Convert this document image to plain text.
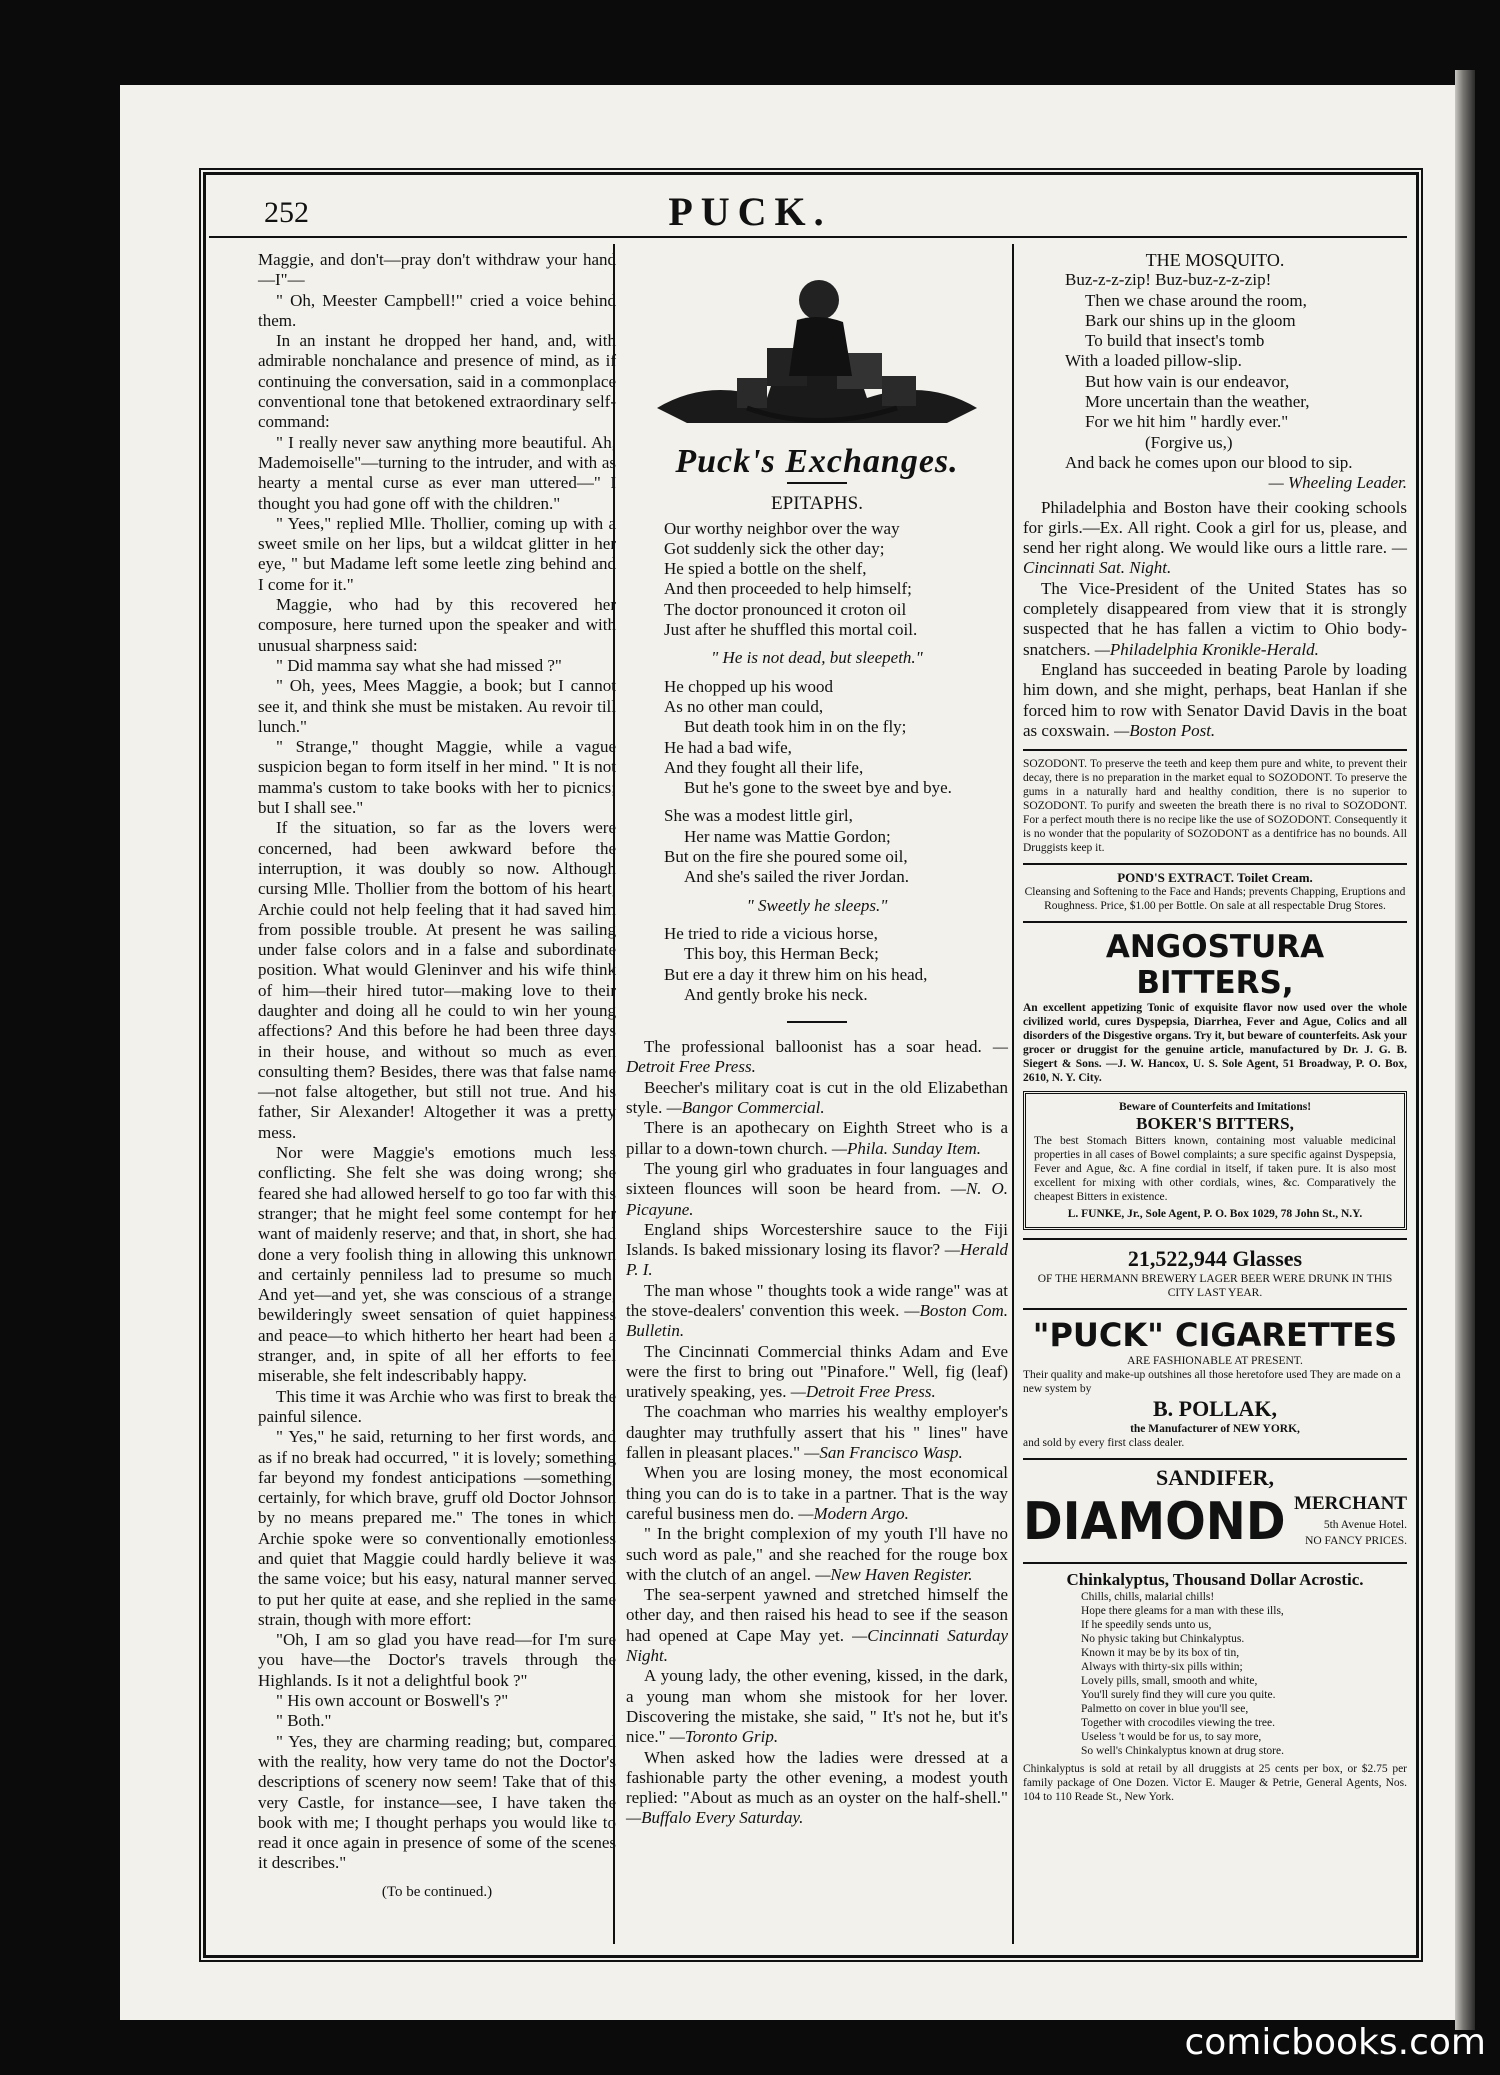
252	PUCK.

Maggie, and don't—pray don't withdraw your hand—I"—

" Oh, Meester Campbell!" cried a voice behind them.

In an instant he dropped her hand, and, with admirable nonchalance and presence of mind, as if continuing the conversation, said in a commonplace conventional tone that betokened extraordinary self-command:

" I really never saw anything more beautiful. Ah, Mademoiselle"—turning to the intruder, and with as hearty a mental curse as ever man uttered—" I thought you had gone off with the children."

" Yees," replied Mlle. Thollier, coming up with a sweet smile on her lips, but a wildcat glitter in her eye, " but Madame left some leetle zing behind and I come for it."

Maggie, who had by this recovered her composure, here turned upon the speaker and with unusual sharpness said:

" Did mamma say what she had missed ?"

" Oh, yees, Mees Maggie, a book; but I cannot see it, and think she must be mistaken. Au revoir till lunch."

" Strange," thought Maggie, while a vague suspicion began to form itself in her mind. " It is not mamma's custom to take books with her to picnics; but I shall see."

If the situation, so far as the lovers were concerned, had been awkward before the interruption, it was doubly so now. Although cursing Mlle. Thollier from the bottom of his heart, Archie could not help feeling that it had saved him from possible trouble. At present he was sailing under false colors and in a false and subordinate position. What would Gleninver and his wife think of him—their hired tutor—making love to their daughter and doing all he could to win her young affections? And this before he had been three days in their house, and without so much as even consulting them? Besides, there was that false name—not false altogether, but still not true. And his father, Sir Alexander! Altogether it was a pretty mess.

Nor were Maggie's emotions much less conflicting. She felt she was doing wrong; she feared she had allowed herself to go too far with this stranger; that he might feel some contempt for her want of maidenly reserve; and that, in short, she had done a very foolish thing in allowing this unknown and certainly penniless lad to presume so much. And yet—and yet, she was conscious of a strange, bewilderingly sweet sensation of quiet happiness and peace—to which hitherto her heart had been a stranger, and, in spite of all her efforts to feel miserable, she felt indescribably happy.

This time it was Archie who was first to break the painful silence.

" Yes," he said, returning to her first words, and as if no break had occurred, " it is lovely; something far beyond my fondest anticipations —something, certainly, for which brave, gruff old Doctor Johnson by no means prepared me." The tones in which Archie spoke were so conventionally emotionless and quiet that Maggie could hardly believe it was the same voice; but his easy, natural manner served to put her quite at ease, and she replied in the same strain, though with more effort:

"Oh, I am so glad you have read—for I'm sure you have—the Doctor's travels through the Highlands. Is it not a delightful book ?"

" His own account or Boswell's ?"

" Both."

" Yes, they are charming reading; but, compared with the reality, how very tame do not the Doctor's descriptions of scenery now seem! Take that of this very Castle, for instance—see, I have taken the book with me; I thought perhaps you would like to read it once again in presence of some of the scenes it describes."

(To be continued.)

Puck's Exchanges.
EPITAPHS.
Our worthy neighbor over the way
Got suddenly sick the other day;
He spied a bottle on the shelf,
And then proceeded to help himself;
The doctor pronounced it croton oil
Just after he shuffled this mortal coil.
" He is not dead, but sleepeth."
He chopped up his wood
As no other man could,
But death took him in on the fly;
He had a bad wife,
And they fought all their life,
But he's gone to the sweet bye and bye.
She was a modest little girl,
Her name was Mattie Gordon;
But on the fire she poured some oil,
And she's sailed the river Jordan.
" Sweetly he sleeps."
He tried to ride a vicious horse,
This boy, this Herman Beck;
But ere a day it threw him on his head,
And gently broke his neck.

The professional balloonist has a soar head. —Detroit Free Press.

Beecher's military coat is cut in the old Elizabethan style. —Bangor Commercial.

There is an apothecary on Eighth Street who is a pillar to a down-town church. —Phila. Sunday Item.

The young girl who graduates in four languages and sixteen flounces will soon be heard from. —N. O. Picayune.

England ships Worcestershire sauce to the Fiji Islands. Is baked missionary losing its flavor? —Herald P. I.

The man whose " thoughts took a wide range" was at the stove-dealers' convention this week. —Boston Com. Bulletin.

The Cincinnati Commercial thinks Adam and Eve were the first to bring out "Pinafore." Well, fig (leaf) uratively speaking, yes. —Detroit Free Press.

The coachman who marries his wealthy employer's daughter may truthfully assert that his " lines" have fallen in pleasant places." —San Francisco Wasp.

When you are losing money, the most economical thing you can do is to take in a partner. That is the way careful business men do. —Modern Argo.

" In the bright complexion of my youth I'll have no such word as pale," and she reached for the rouge box with the clutch of an angel. —New Haven Register.

The sea-serpent yawned and stretched himself the other day, and then raised his head to see if the season had opened at Cape May yet. —Cincinnati Saturday Night.

A young lady, the other evening, kissed, in the dark, a young man whom she mistook for her lover. Discovering the mistake, she said, " It's not he, but it's nice." —Toronto Grip.

When asked how the ladies were dressed at a fashionable party the other evening, a modest youth replied: "About as much as an oyster on the half-shell." —Buffalo Every Saturday.

THE MOSQUITO.
Buz-z-z-zip! Buz-buz-z-z-zip!
Then we chase around the room,
Bark our shins up in the gloom
To build that insect's tomb
With a loaded pillow-slip.
But how vain is our endeavor,
More uncertain than the weather,
For we hit him " hardly ever."
(Forgive us,)
And back he comes upon our blood to sip.
— Wheeling Leader.

Philadelphia and Boston have their cooking schools for girls.—Ex. All right. Cook a girl for us, please, and send her right along. We would like ours a little rare. —Cincinnati Sat. Night.

The Vice-President of the United States has so completely disappeared from view that it is strongly suspected that he has fallen a victim to Ohio body-snatchers. —Philadelphia Kronikle-Herald.

England has succeeded in beating Parole by loading him down, and she might, perhaps, beat Hanlan if she forced him to row with Senator David Davis in the boat as coxswain. —Boston Post.

SOZODONT. To preserve the teeth and keep them pure and white, to prevent their decay, there is no preparation in the market equal to SOZODONT. To preserve the gums in a naturally hard and healthy condition, there is no superior to SOZODONT. To purify and sweeten the breath there is no rival to SOZODONT. For a perfect mouth there is no recipe like the use of SOZODONT. Consequently it is no wonder that the popularity of SOZODONT as a dentifrice has no bounds. All Druggists keep it.
POND'S EXTRACT. Toilet Cream.
Cleansing and Softening to the Face and Hands; prevents Chapping, Eruptions and Roughness. Price, $1.00 per Bottle. On sale at all respectable Drug Stores.
ANGOSTURA BITTERS,
An excellent appetizing Tonic of exquisite flavor now used over the whole civilized world, cures Dyspepsia, Diarrhea, Fever and Ague, Colics and all disorders of the Disgestive organs. Try it, but beware of counterfeits. Ask your grocer or druggist for the genuine article, manufactured by Dr. J. G. B. Siegert & Sons. —J. W. Hancox, U. S. Sole Agent, 51 Broadway, P. O. Box, 2610, N. Y. City.
Beware of Counterfeits and Imitations!
BOKER'S BITTERS,
The best Stomach Bitters known, containing most valuable medicinal properties in all cases of Bowel complaints; a sure specific against Dyspepsia, Fever and Ague, &c. A fine cordial in itself, if taken pure. It is also most excellent for mixing with other cordials, wines, &c. Comparatively the cheapest Bitters in existence.
L. FUNKE, Jr., Sole Agent, P. O. Box 1029, 78 John St., N.Y.
21,522,944 Glasses
OF THE HERMANN BREWERY LAGER BEER WERE DRUNK IN THIS CITY LAST YEAR.
"PUCK" CIGARETTES
ARE FASHIONABLE AT PRESENT.
Their quality and make-up outshines all those heretofore used They are made on a new system by
B. POLLAK,
the Manufacturer of NEW YORK,
and sold by every first class dealer.
SANDIFER,
DIAMOND MERCHANT
5th Avenue Hotel.
NO FANCY PRICES.
Chinkalyptus, Thousand Dollar Acrostic.
Chills, chills, malarial chills!
Hope there gleams for a man with these ills,
If he speedily sends unto us,
No physic taking but Chinkalyptus.
Known it may be by its box of tin,
Always with thirty-six pills within;
Lovely pills, small, smooth and white,
You'll surely find they will cure you quite.
Palmetto on cover in blue you'll see,
Together with crocodiles viewing the tree.
Useless 't would be for us, to say more,
So well's Chinkalyptus known at drug store.
Chinkalyptus is sold at retail by all druggists at 25 cents per box, or $2.75 per family package of One Dozen. Victor E. Mauger & Petrie, General Agents, Nos. 104 to 110 Reade St., New York.
comicbooks.com
